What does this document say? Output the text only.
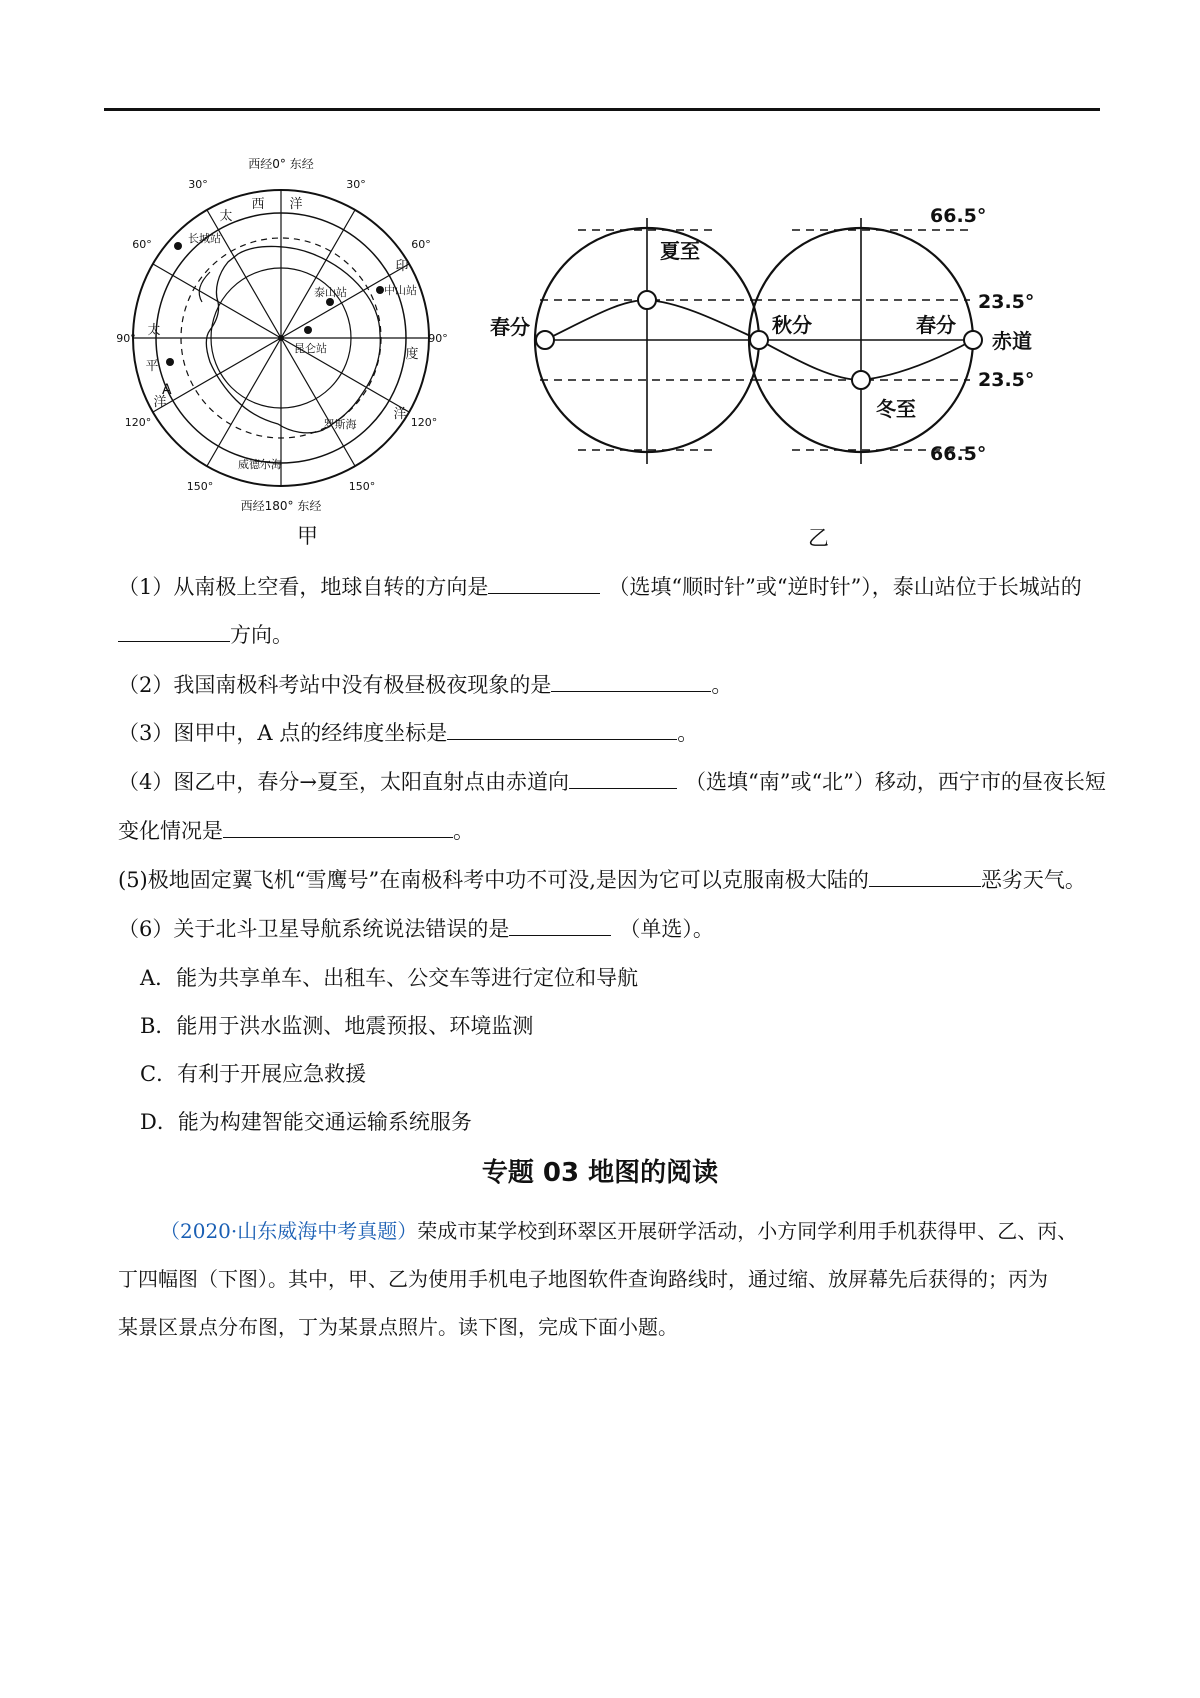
西经0° 东经
西经180° 东经
30°	30°
60°	60°
90°	90°
120°	120°
150°	150°
太
西 洋
印
度
洋
太
平
洋
罗斯海
威德尔海
长城站
泰山站	中山站
昆仑站
A
甲
66.5°
23.5°
23.5°
66.5°
赤道
春分
夏至
秋分	春分
冬至
乙
（1）从南极上空看，地球自转的方向是	（选填“顺时针”或“逆时针”），泰山站位于长城站的
方向。
（2）我国南极科考站中没有极昼极夜现象的是	。
（3）图甲中，A 点的经纬度坐标是	。
（4）图乙中，春分→夏至，太阳直射点由赤道向	（选填“南”或“北”）移动，西宁市的昼夜长短
变化情况是	。
(5)极地固定翼飞机“雪鹰号”在南极科考中功不可没,是因为它可以克服南极大陆的	恶劣天气。
（6）关于北斗卫星导航系统说法错误的是	（单选）。
A．能为共享单车、出租车、公交车等进行定位和导航
B．能用于洪水监测、地震预报、环境监测
C．有利于开展应急救援
D．能为构建智能交通运输系统服务
专题 03 地图的阅读
（2020·山东威海中考真题）荣成市某学校到环翠区开展研学活动，小方同学利用手机获得甲、乙、丙、
丁四幅图（下图）。其中，甲、乙为使用手机电子地图软件查询路线时，通过缩、放屏幕先后获得的；丙为
某景区景点分布图，丁为某景点照片。读下图，完成下面小题。
